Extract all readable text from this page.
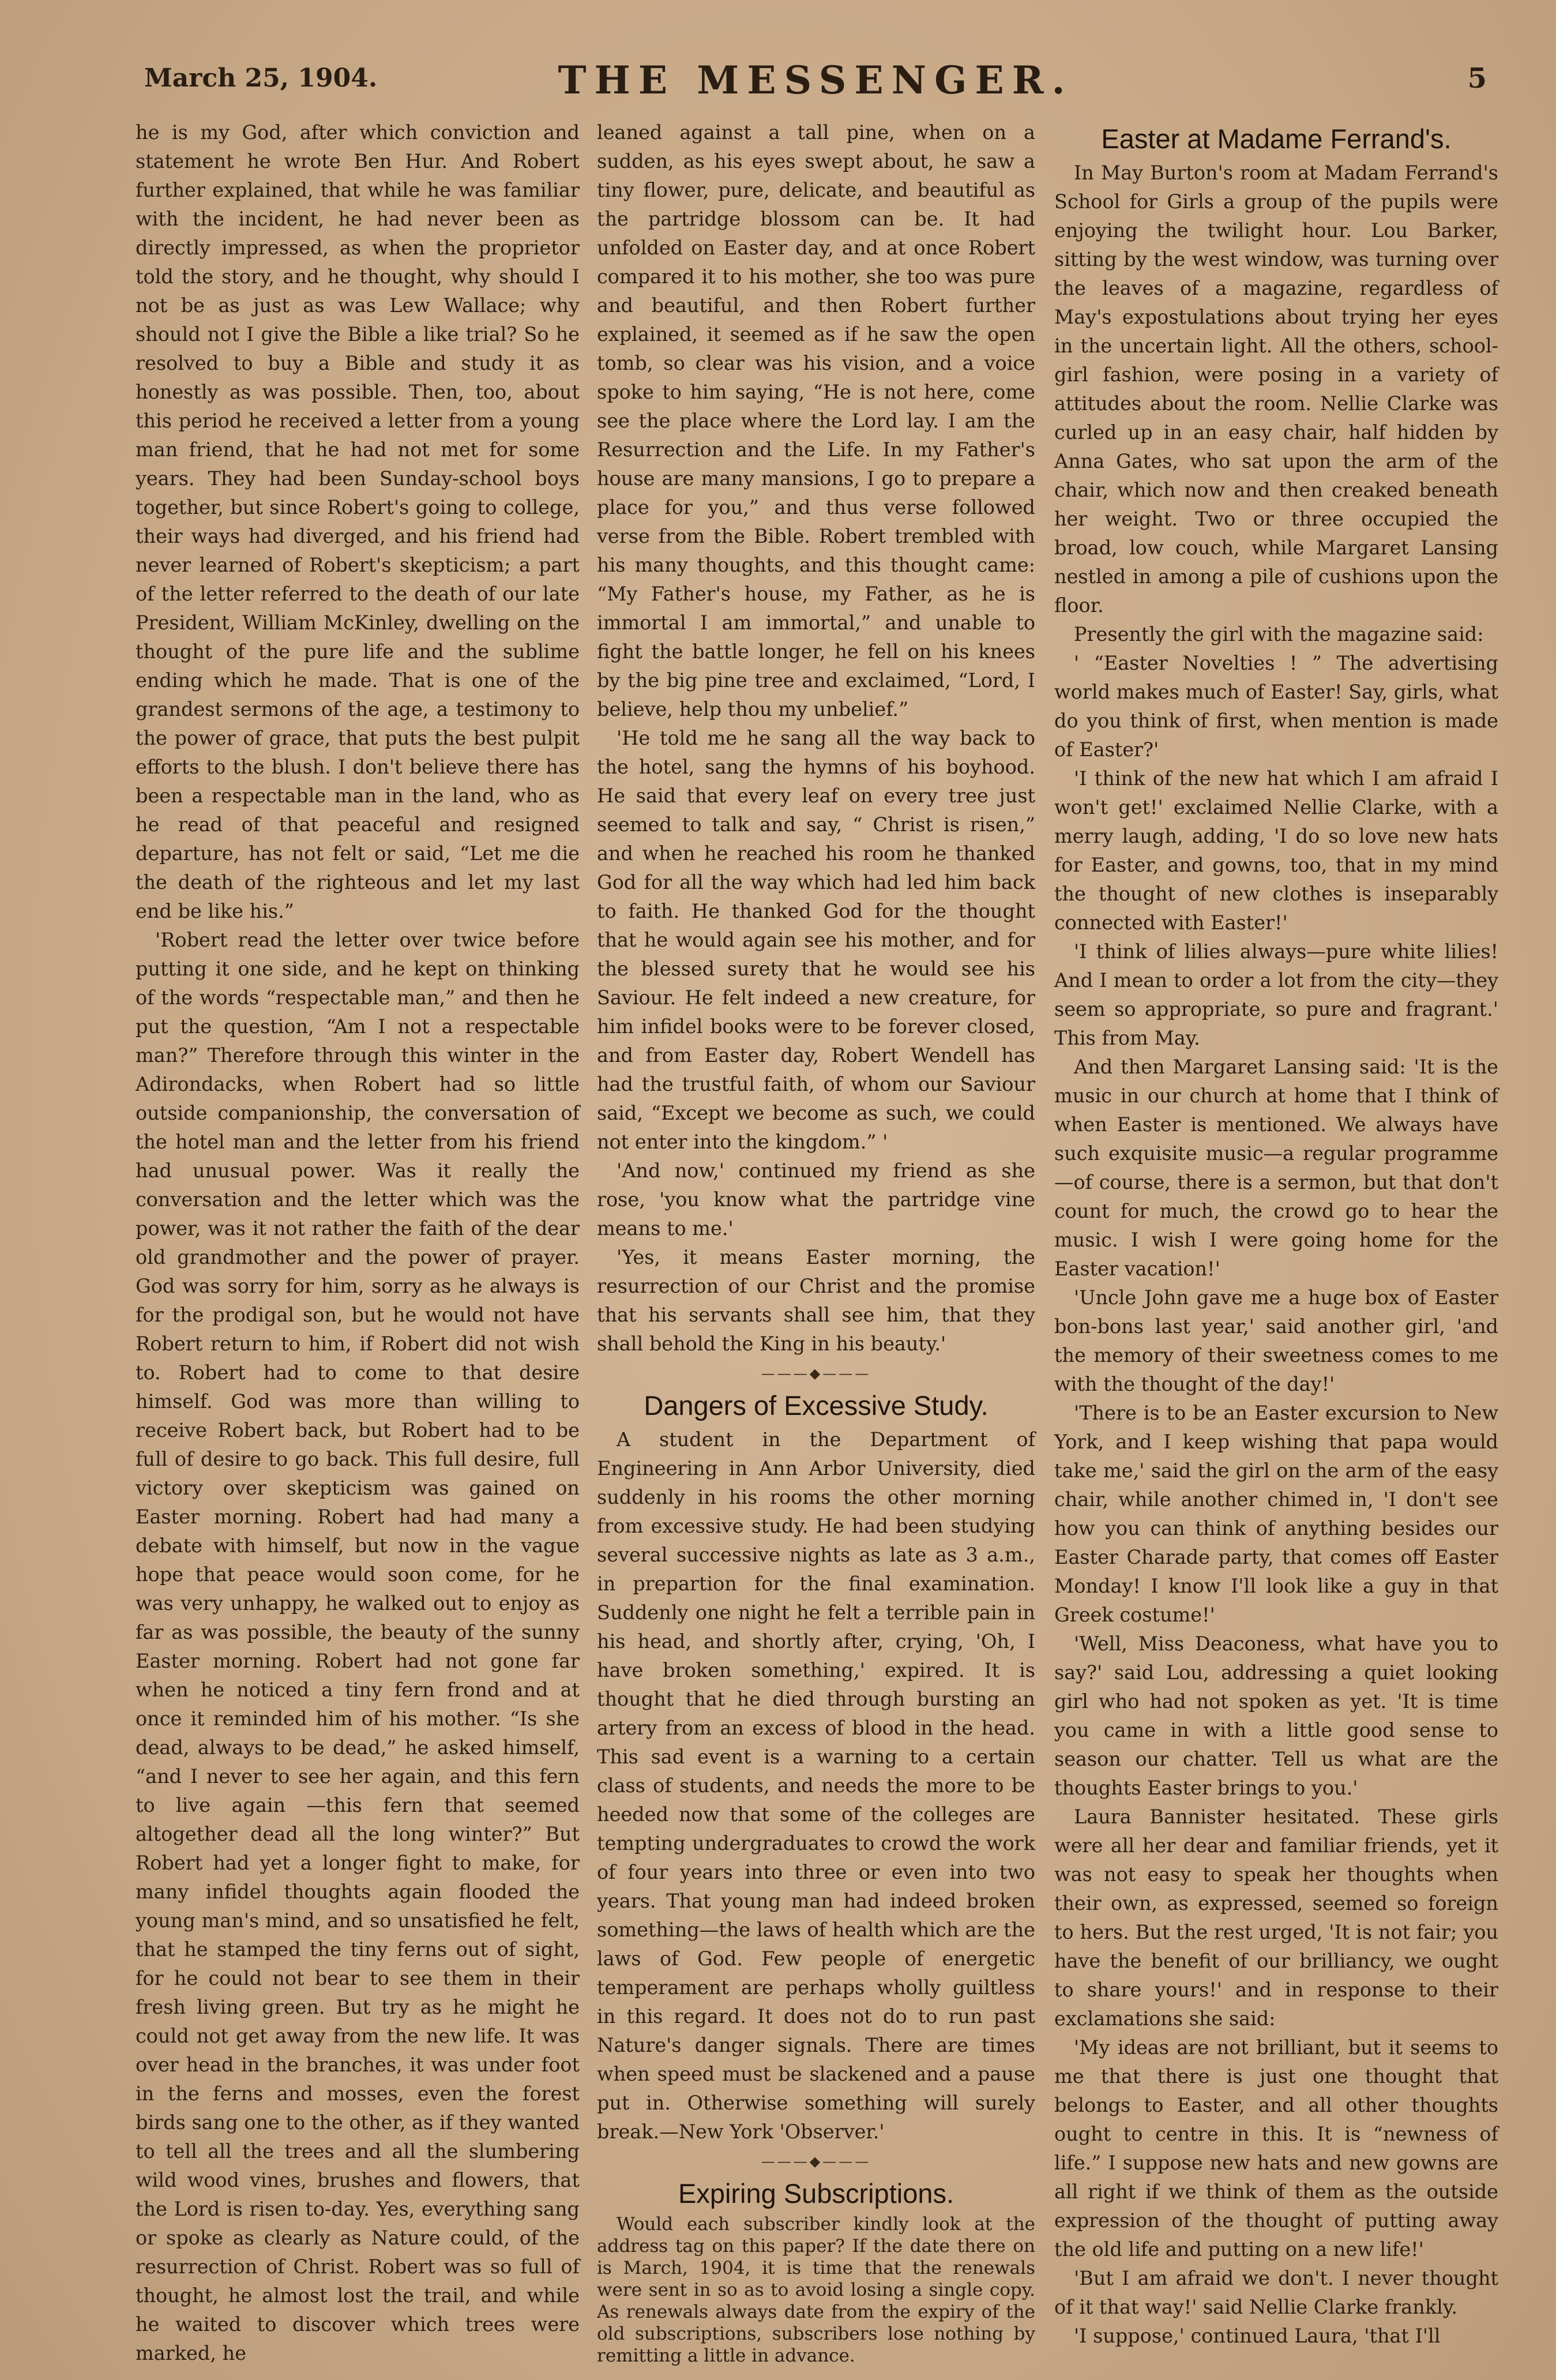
March 25, 1904.	THE MESSENGER.	5

he is my God, after which conviction and statement he wrote Ben Hur. And Robert further explained, that while he was familiar with the incident, he had never been as directly impressed, as when the proprietor told the story, and he thought, why should I not be as just as was Lew Wallace; why should not I give the Bible a like trial? So he resolved to buy a Bible and study it as honestly as was possible. Then, too, about this period he received a letter from a young man friend, that he had not met for some years. They had been Sunday-school boys together, but since Robert's going to college, their ways had diverged, and his friend had never learned of Robert's skepticism; a part of the letter referred to the death of our late President, William McKinley, dwelling on the thought of the pure life and the sublime ending which he made. That is one of the grandest sermons of the age, a testimony to the power of grace, that puts the best pulpit efforts to the blush. I don't believe there has been a respectable man in the land, who as he read of that peaceful and resigned departure, has not felt or said, “Let me die the death of the righteous and let my last end be like his.”

'Robert read the letter over twice before putting it one side, and he kept on thinking of the words “respectable man,” and then he put the question, “Am I not a respectable man?” Therefore through this winter in the Adirondacks, when Robert had so little outside companionship, the conversation of the hotel man and the letter from his friend had unusual power. Was it really the conversation and the letter which was the power, was it not rather the faith of the dear old grandmother and the power of prayer. God was sorry for him, sorry as he always is for the prodigal son, but he would not have Robert return to him, if Robert did not wish to. Robert had to come to that desire himself. God was more than willing to receive Robert back, but Robert had to be full of desire to go back. This full desire, full victory over skepticism was gained on Easter morning. Robert had had many a debate with himself, but now in the vague hope that peace would soon come, for he was very unhappy, he walked out to enjoy as far as was possible, the beauty of the sunny Easter morning. Robert had not gone far when he noticed a tiny fern frond and at once it reminded him of his mother. “Is she dead, always to be dead,” he asked himself, “and I never to see her again, and this fern to live again —this fern that seemed altogether dead all the long winter?” But Robert had yet a longer fight to make, for many infidel thoughts again flooded the young man's mind, and so unsatisfied he felt, that he stamped the tiny ferns out of sight, for he could not bear to see them in their fresh living green. But try as he might he could not get away from the new life. It was over head in the branches, it was under foot in the ferns and mosses, even the forest birds sang one to the other, as if they wanted to tell all the trees and all the slumbering wild wood vines, brushes and flowers, that the Lord is risen to-day. Yes, everything sang or spoke as clearly as Nature could, of the resurrection of Christ. Robert was so full of thought, he almost lost the trail, and while he waited to discover which trees were marked, he

leaned against a tall pine, when on a sudden, as his eyes swept about, he saw a tiny flower, pure, delicate, and beautiful as the partridge blossom can be. It had unfolded on Easter day, and at once Robert compared it to his mother, she too was pure and beautiful, and then Robert further explained, it seemed as if he saw the open tomb, so clear was his vision, and a voice spoke to him saying, “He is not here, come see the place where the Lord lay. I am the Resurrection and the Life. In my Father's house are many mansions, I go to prepare a place for you,” and thus verse followed verse from the Bible. Robert trembled with his many thoughts, and this thought came: “My Father's house, my Father, as he is immortal I am immortal,” and unable to fight the battle longer, he fell on his knees by the big pine tree and exclaimed, “Lord, I believe, help thou my unbelief.”

'He told me he sang all the way back to the hotel, sang the hymns of his boyhood. He said that every leaf on every tree just seemed to talk and say, “ Christ is risen,” and when he reached his room he thanked God for all the way which had led him back to faith. He thanked God for the thought that he would again see his mother, and for the blessed surety that he would see his Saviour. He felt indeed a new creature, for him infidel books were to be forever closed, and from Easter day, Robert Wendell has had the trustful faith, of whom our Saviour said, “Except we become as such, we could not enter into the kingdom.” '

'And now,' continued my friend as she rose, 'you know what the partridge vine means to me.'

'Yes, it means Easter morning, the resurrection of our Christ and the promise that his servants shall see him, that they shall behold the King in his beauty.'

———◆———
Dangers of Excessive Study.

A student in the Department of Engineering in Ann Arbor University, died suddenly in his rooms the other morning from excessive study. He had been studying several successive nights as late as 3 a.m., in prepartion for the final examination. Suddenly one night he felt a terrible pain in his head, and shortly after, crying, 'Oh, I have broken something,' expired. It is thought that he died through bursting an artery from an excess of blood in the head. This sad event is a warning to a certain class of students, and needs the more to be heeded now that some of the colleges are tempting undergraduates to crowd the work of four years into three or even into two years. That young man had indeed broken something—the laws of health which are the laws of God. Few people of energetic temperament are perhaps wholly guiltless in this regard. It does not do to run past Nature's danger signals. There are times when speed must be slackened and a pause put in. Otherwise something will surely break.—New York 'Observer.'

———◆———
Expiring Subscriptions.

Would each subscriber kindly look at the address tag on this paper? If the date there on is March, 1904, it is time that the renewals were sent in so as to avoid losing a single copy. As renewals always date from the expiry of the old subscriptions, subscribers lose nothing by remitting a little in advance.

Easter at Madame Ferrand's.

In May Burton's room at Madam Ferrand's School for Girls a group of the pupils were enjoying the twilight hour. Lou Barker, sitting by the west window, was turning over the leaves of a magazine, regardless of May's expostulations about trying her eyes in the uncertain light. All the others, school-girl fashion, were posing in a variety of attitudes about the room. Nellie Clarke was curled up in an easy chair, half hidden by Anna Gates, who sat upon the arm of the chair, which now and then creaked beneath her weight. Two or three occupied the broad, low couch, while Margaret Lansing nestled in among a pile of cushions upon the floor.

Presently the girl with the magazine said:

' “Easter Novelties ! ” The advertising world makes much of Easter! Say, girls, what do you think of first, when mention is made of Easter?'

'I think of the new hat which I am afraid I won't get!' exclaimed Nellie Clarke, with a merry laugh, adding, 'I do so love new hats for Easter, and gowns, too, that in my mind the thought of new clothes is inseparably connected with Easter!'

'I think of lilies always—pure white lilies! And I mean to order a lot from the city—they seem so appropriate, so pure and fragrant.' This from May.

And then Margaret Lansing said: 'It is the music in our church at home that I think of when Easter is mentioned. We always have such exquisite music—a regular programme—of course, there is a sermon, but that don't count for much, the crowd go to hear the music. I wish I were going home for the Easter vacation!'

'Uncle John gave me a huge box of Easter bon-bons last year,' said another girl, 'and the memory of their sweetness comes to me with the thought of the day!'

'There is to be an Easter excursion to New York, and I keep wishing that papa would take me,' said the girl on the arm of the easy chair, while another chimed in, 'I don't see how you can think of anything besides our Easter Charade party, that comes off Easter Monday! I know I'll look like a guy in that Greek costume!'

'Well, Miss Deaconess, what have you to say?' said Lou, addressing a quiet looking girl who had not spoken as yet. 'It is time you came in with a little good sense to season our chatter. Tell us what are the thoughts Easter brings to you.'

Laura Bannister hesitated. These girls were all her dear and familiar friends, yet it was not easy to speak her thoughts when their own, as expressed, seemed so foreign to hers. But the rest urged, 'It is not fair; you have the benefit of our brilliancy, we ought to share yours!' and in response to their exclamations she said:

'My ideas are not brilliant, but it seems to me that there is just one thought that belongs to Easter, and all other thoughts ought to centre in this. It is “newness of life.” I suppose new hats and new gowns are all right if we think of them as the outside expression of the thought of putting away the old life and putting on a new life!'

'But I am afraid we don't. I never thought of it that way!' said Nellie Clarke frankly.

'I suppose,' continued Laura, 'that I'll
